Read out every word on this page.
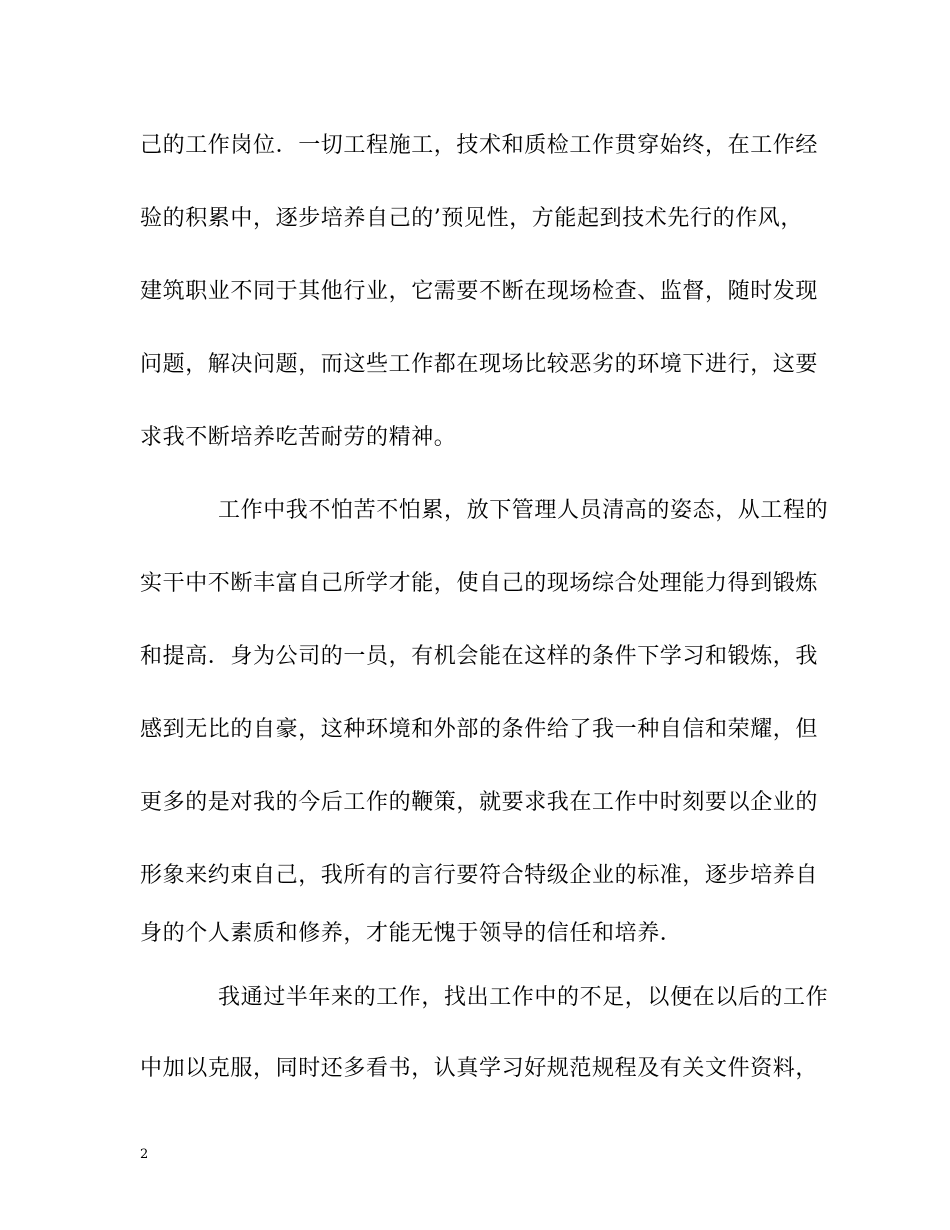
己的工作岗位．一切工程施工，技术和质检工作贯穿始终，在工作经
验的积累中，逐步培养自己的’预见性，方能起到技术先行的作风，
建筑职业不同于其他行业，它需要不断在现场检查、监督，随时发现
问题，解决问题，而这些工作都在现场比较恶劣的环境下进行，这要
求我不断培养吃苦耐劳的精神。
工作中我不怕苦不怕累，放下管理人员清高的姿态，从工程的
实干中不断丰富自己所学才能，使自己的现场综合处理能力得到锻炼
和提高．身为公司的一员，有机会能在这样的条件下学习和锻炼，我
感到无比的自豪，这种环境和外部的条件给了我一种自信和荣耀，但
更多的是对我的今后工作的鞭策，就要求我在工作中时刻要以企业的
形象来约束自己，我所有的言行要符合特级企业的标准，逐步培养自
身的个人素质和修养，才能无愧于领导的信任和培养．
我通过半年来的工作，找出工作中的不足，以便在以后的工作
中加以克服，同时还多看书，认真学习好规范规程及有关文件资料，
2
